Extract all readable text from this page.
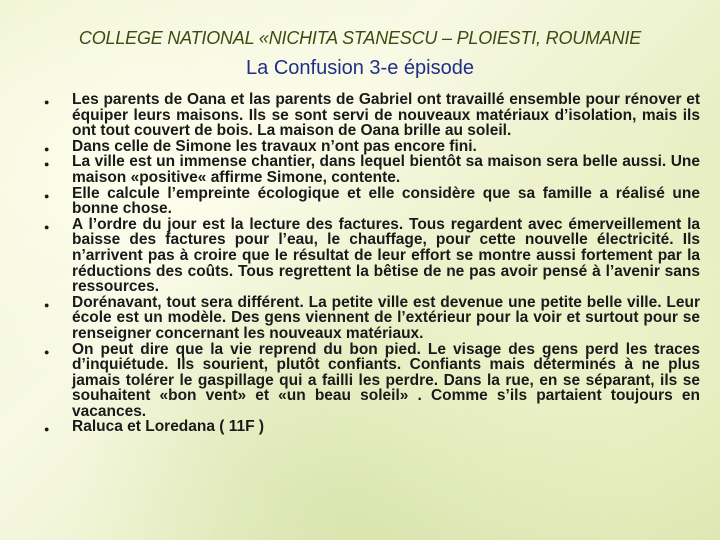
COLLEGE NATIONAL «NICHITA STANESCU – PLOIESTI, ROUMANIE
La Confusion 3-e épisode
● Les parents de Oana et las parents de Gabriel ont travaillé ensemble pour rénover et équiper leurs maisons. Ils se sont servi de nouveaux matériaux d’isolation, mais ils ont tout couvert de bois. La maison de Oana brille au soleil.
● Dans celle de Simone les travaux n’ont pas encore fini.
● La ville est un immense chantier, dans lequel bientôt sa maison sera belle aussi. Une maison «positive« affirme Simone, contente.
● Elle calcule l’empreinte écologique et elle considère que sa famille a réalisé une bonne chose.
● A l’ordre du jour est la lecture des factures. Tous regardent avec émerveillement la baisse des factures pour l’eau, le chauffage, pour cette nouvelle électricité. Ils n’arrivent pas à croire que le résultat de leur effort se montre aussi fortement par la réductions des coûts. Tous regrettent la bêtise de ne pas avoir pensé à l’avenir sans ressources.
● Dorénavant, tout sera différent. La petite ville est devenue une petite belle ville. Leur école est un modèle. Des gens viennent de l’extérieur pour la voir et surtout pour se renseigner concernant les nouveaux matériaux.
● On peut dire que la vie reprend du bon pied. Le visage des gens perd les traces d’inquiétude. Ils sourient, plutôt confiants. Confiants mais déterminés à ne plus jamais tolérer le gaspillage qui a failli les perdre. Dans la rue, en se séparant, ils se souhaitent «bon vent» et «un beau soleil» . Comme s’ils partaient toujours en vacances.
● Raluca et Loredana ( 11F )
